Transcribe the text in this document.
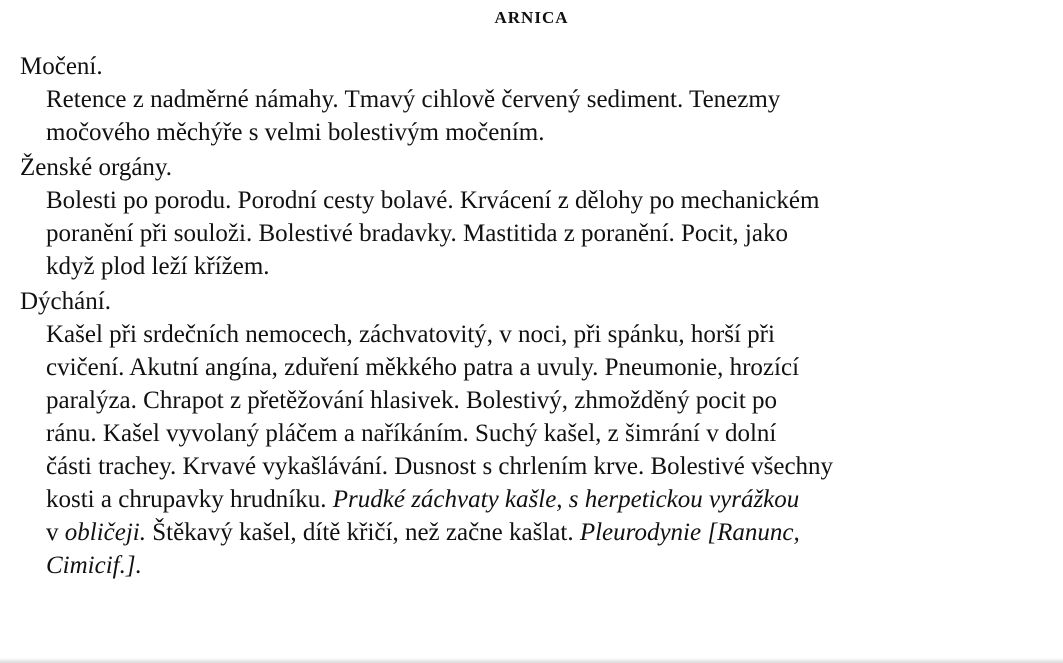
ARNICA

Močení.

Retence z nadměrné námahy. Tmavý cihlově červený sediment. Tenezmy
močového měchýře s velmi bolestivým močením.

Ženské orgány.

Bolesti po porodu. Porodní cesty bolavé. Krvácení z dělohy po mechanickém
poranění při souloži. Bolestivé bradavky. Mastitida z poranění. Pocit, jako
když plod leží křížem.

Dýchání.

Kašel při srdečních nemocech, záchvatovitý, v noci, při spánku, horší při
cvičení. Akutní angína, zduření měkkého patra a uvuly. Pneumonie, hrozící
paralýza. Chrapot z přetěžování hlasivek. Bolestivý, zhmožděný pocit po
ránu. Kašel vyvolaný pláčem a naříkáním. Suchý kašel, z šimrání v dolní
části trachey. Krvavé vykašlávání. Dusnost s chrlením krve. Bolestivé všechny
kosti a chrupavky hrudníku. Prudké záchvaty kašle, s herpetickou vyrážkou
v obličeji. Štěkavý kašel, dítě křičí, než začne kašlat. Pleurodynie [Ranunc,
Cimicif.].
